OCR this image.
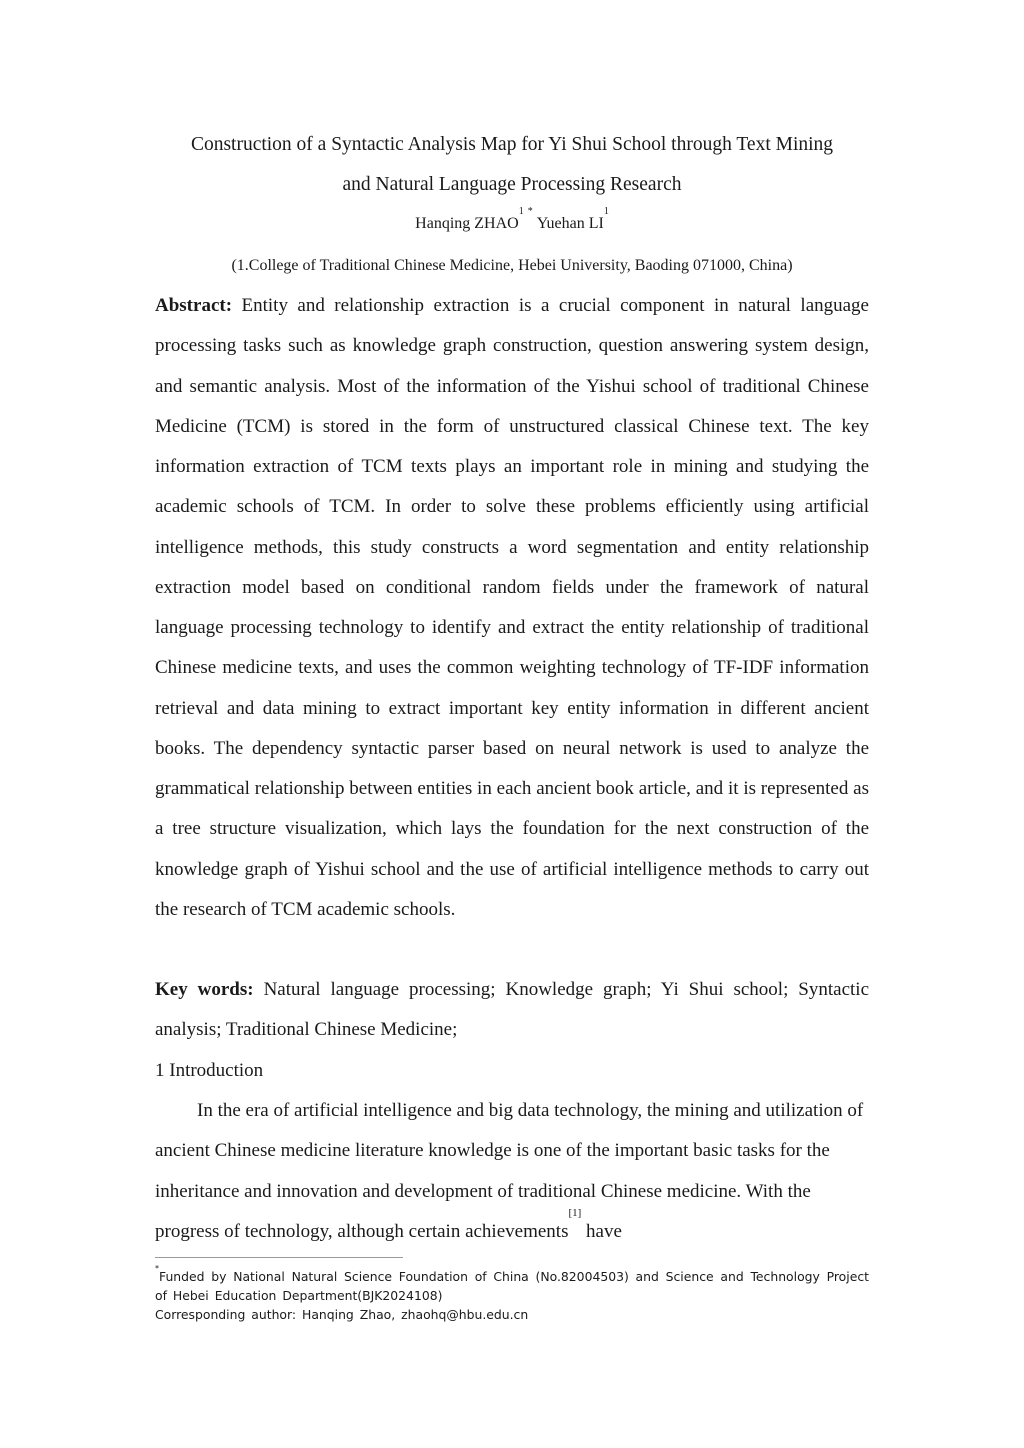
Construction of a Syntactic Analysis Map for Yi Shui School through Text Mining
and Natural Language Processing Research
Hanqing ZHAO$^1$ * Yuehan $LI^1$
(1.College of Traditional Chinese Medicine, Hebei University, Baoding 071000, China)
Abstract: Entity and relationship extraction is a crucial component in natural language processing tasks such as knowledge graph construction, question answering system design, and semantic analysis. Most of the information of the Yishui school of traditional Chinese Medicine (TCM) is stored in the form of unstructured classical Chinese text. The key information extraction of TCM texts plays an important role in mining and studying the academic schools of TCM. In order to solve these problems efficiently using artificial intelligence methods, this study constructs a word segmentation and entity relationship extraction model based on conditional random fields under the framework of natural language processing technology to identify and extract the entity relationship of traditional Chinese medicine texts, and uses the common weighting technology of TF-IDF information retrieval and data mining to extract important key entity information in different ancient books. The dependency syntactic parser based on neural network is used to analyze the grammatical relationship between entities in each ancient book article, and it is represented as a tree structure visualization, which lays the foundation for the next construction of the knowledge graph of Yishui school and the use of artificial intelligence methods to carry out the research of TCM academic schools.
Key words: Natural language processing; Knowledge graph; Yi Shui school; Syntactic analysis; Traditional Chinese Medicine;
1 Introduction
In the era of artificial intelligence and big data technology, the mining and utilization of ancient Chinese medicine literature knowledge is one of the important basic tasks for the inheritance and innovation and development of traditional Chinese medicine. With the progress of technology, although certain achievements[1] have
*Funded by National Natural Science Foundation of China (No.82004503) and Science and Technology Project of Hebei Education Department(BJK2024108)
Corresponding author: Hanqing Zhao, zhaohq@hbu.edu.cn
